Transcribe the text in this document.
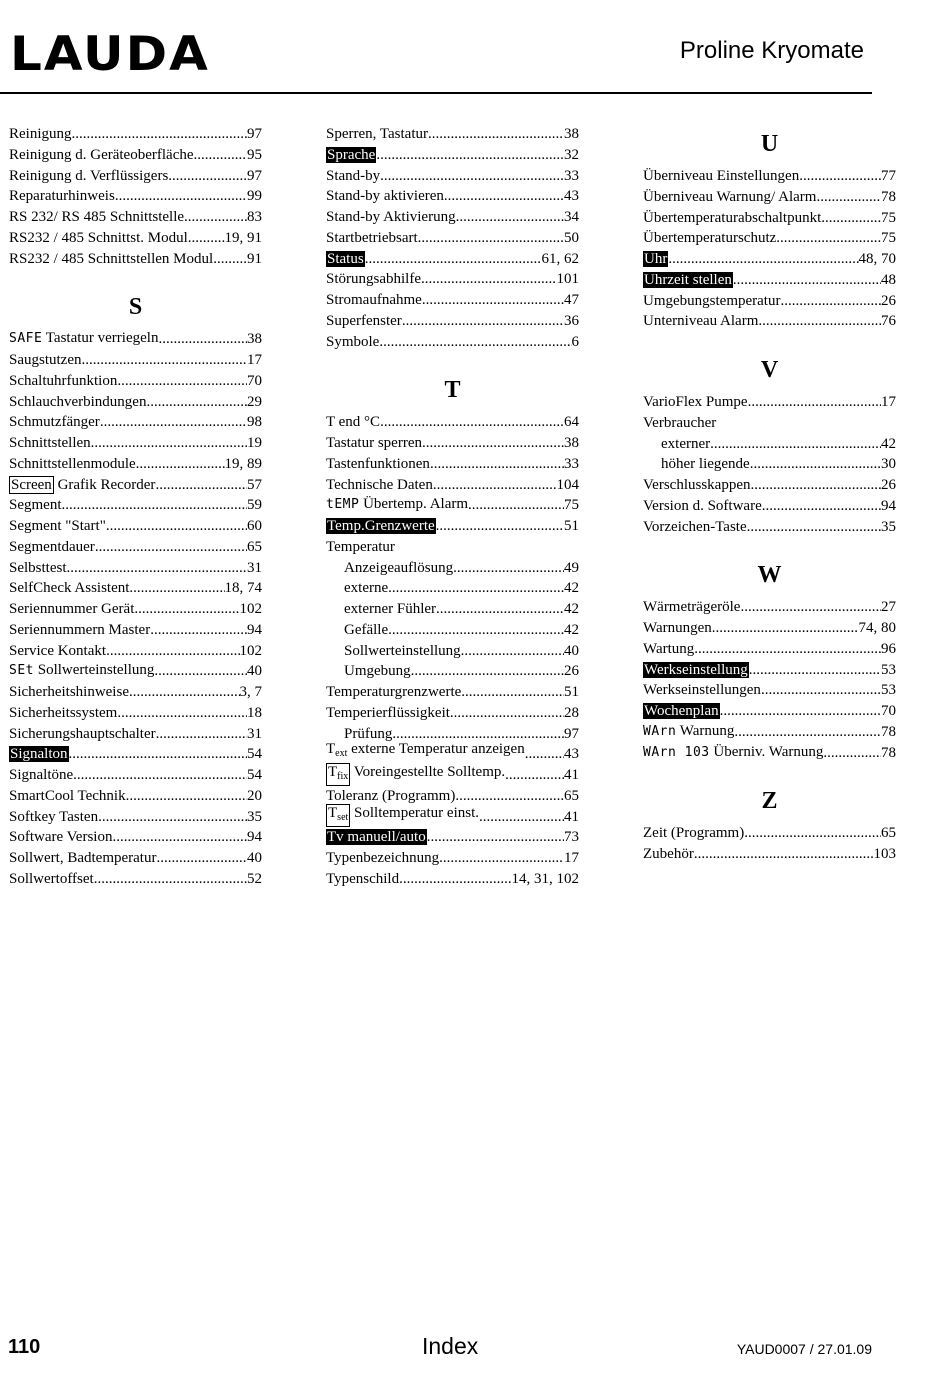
LAUDA	Proline Kryomate
Reinigung .....	97
Reinigung d. Geräteoberfläche .....	95
Reinigung d. Verflüssigers .....	97
Reparaturhinweis .....	99
RS 232/ RS 485 Schnittstelle .....	83
RS232 / 485 Schnittst. Modul ..... 19, 91
RS232 / 485 Schnittstellen Modul ..... 91
S
SAFE Tastatur verriegeln .....	38
Saugstutzen .....	17
Schaltuhrfunktion .....	70
Schlauchverbindungen .....	29
Schmutzfänger .....	98
Schnittstellen .....	19
Schnittstellenmodule .....	19, 89
Screen Grafik Recorder .....	57
Segment .....	59
Segment "Start" .....	60
Segmentdauer .....	65
Selbsttest .....	31
SelfCheck Assistent .....	18, 74
Seriennummer Gerät .....	102
Seriennummern Master .....	94
Service Kontakt .....	102
SEt Sollwerteinstellung .....	40
Sicherheitshinweise .....	3, 7
Sicherheitssystem .....	18
Sicherungshauptschalter .....	31
Signalton .....	54
Signaltöne .....	54
SmartCool Technik .....	20
Softkey Tasten .....	35
Software Version .....	94
Sollwert, Badtemperatur .....	40
Sollwertoffset .....	52
Sperren, Tastatur .....	38
Sprache .....	32
Stand-by .....	33
Stand-by aktivieren .....	43
Stand-by Aktivierung .....	34
Startbetriebsart .....	50
Status .....	61, 62
Störungsabhilfe .....	101
Stromaufnahme .....	47
Superfenster .....	36
Symbole .....	6
T
T end °C .....	64
Tastatur sperren .....	38
Tastenfunktionen .....	33
Technische Daten .....	104
tEMP Übertemp. Alarm .....	75
Temp.Grenzwerte .....	51
Temperatur
Anzeigeauflösung .....	49
externe .....	42
externer Fühler .....	42
Gefälle .....	42
Sollwerteinstellung .....	40
Umgebung .....	26
Temperaturgrenzwerte .....	51
Temperierflüssigkeit .....	28
Prüfung .....	97
$T_{ext}$ externe Temperatur anzeigen .....	43
$T_{fix}$ Voreingestellte Solltemp. .....	41
Toleranz (Programm) .....	65
$T_{set}$ Solltemperatur einst. .....	41
Tv manuell/auto .....	73
Typenbezeichnung .....	17
Typenschild .....	14, 31, 102
U
Überniveau Einstellungen .....	77
Überniveau Warnung/ Alarm .....	78
Übertemperaturabschaltpunkt .....	75
Übertemperaturschutz .....	75
Uhr .....	48, 70
Uhrzeit stellen .....	48
Umgebungstemperatur .....	26
Unterniveau Alarm .....	76
V
VarioFlex Pumpe .....	17
Verbraucher
externer .....	42
höher liegende .....	30
Verschlusskappen .....	26
Version d. Software .....	94
Vorzeichen-Taste .....	35
W
Wärmeträgeröle .....	27
Warnungen .....	74, 80
Wartung .....	96
Werkseinstellung .....	53
Werkseinstellungen .....	53
Wochenplan .....	70
WArn Warnung .....	78
WArn 103 Überniv. Warnung .....	78
Z
Zeit (Programm) .....	65
Zubehör .....	103
110	Index	YAUD0007 / 27.01.09
